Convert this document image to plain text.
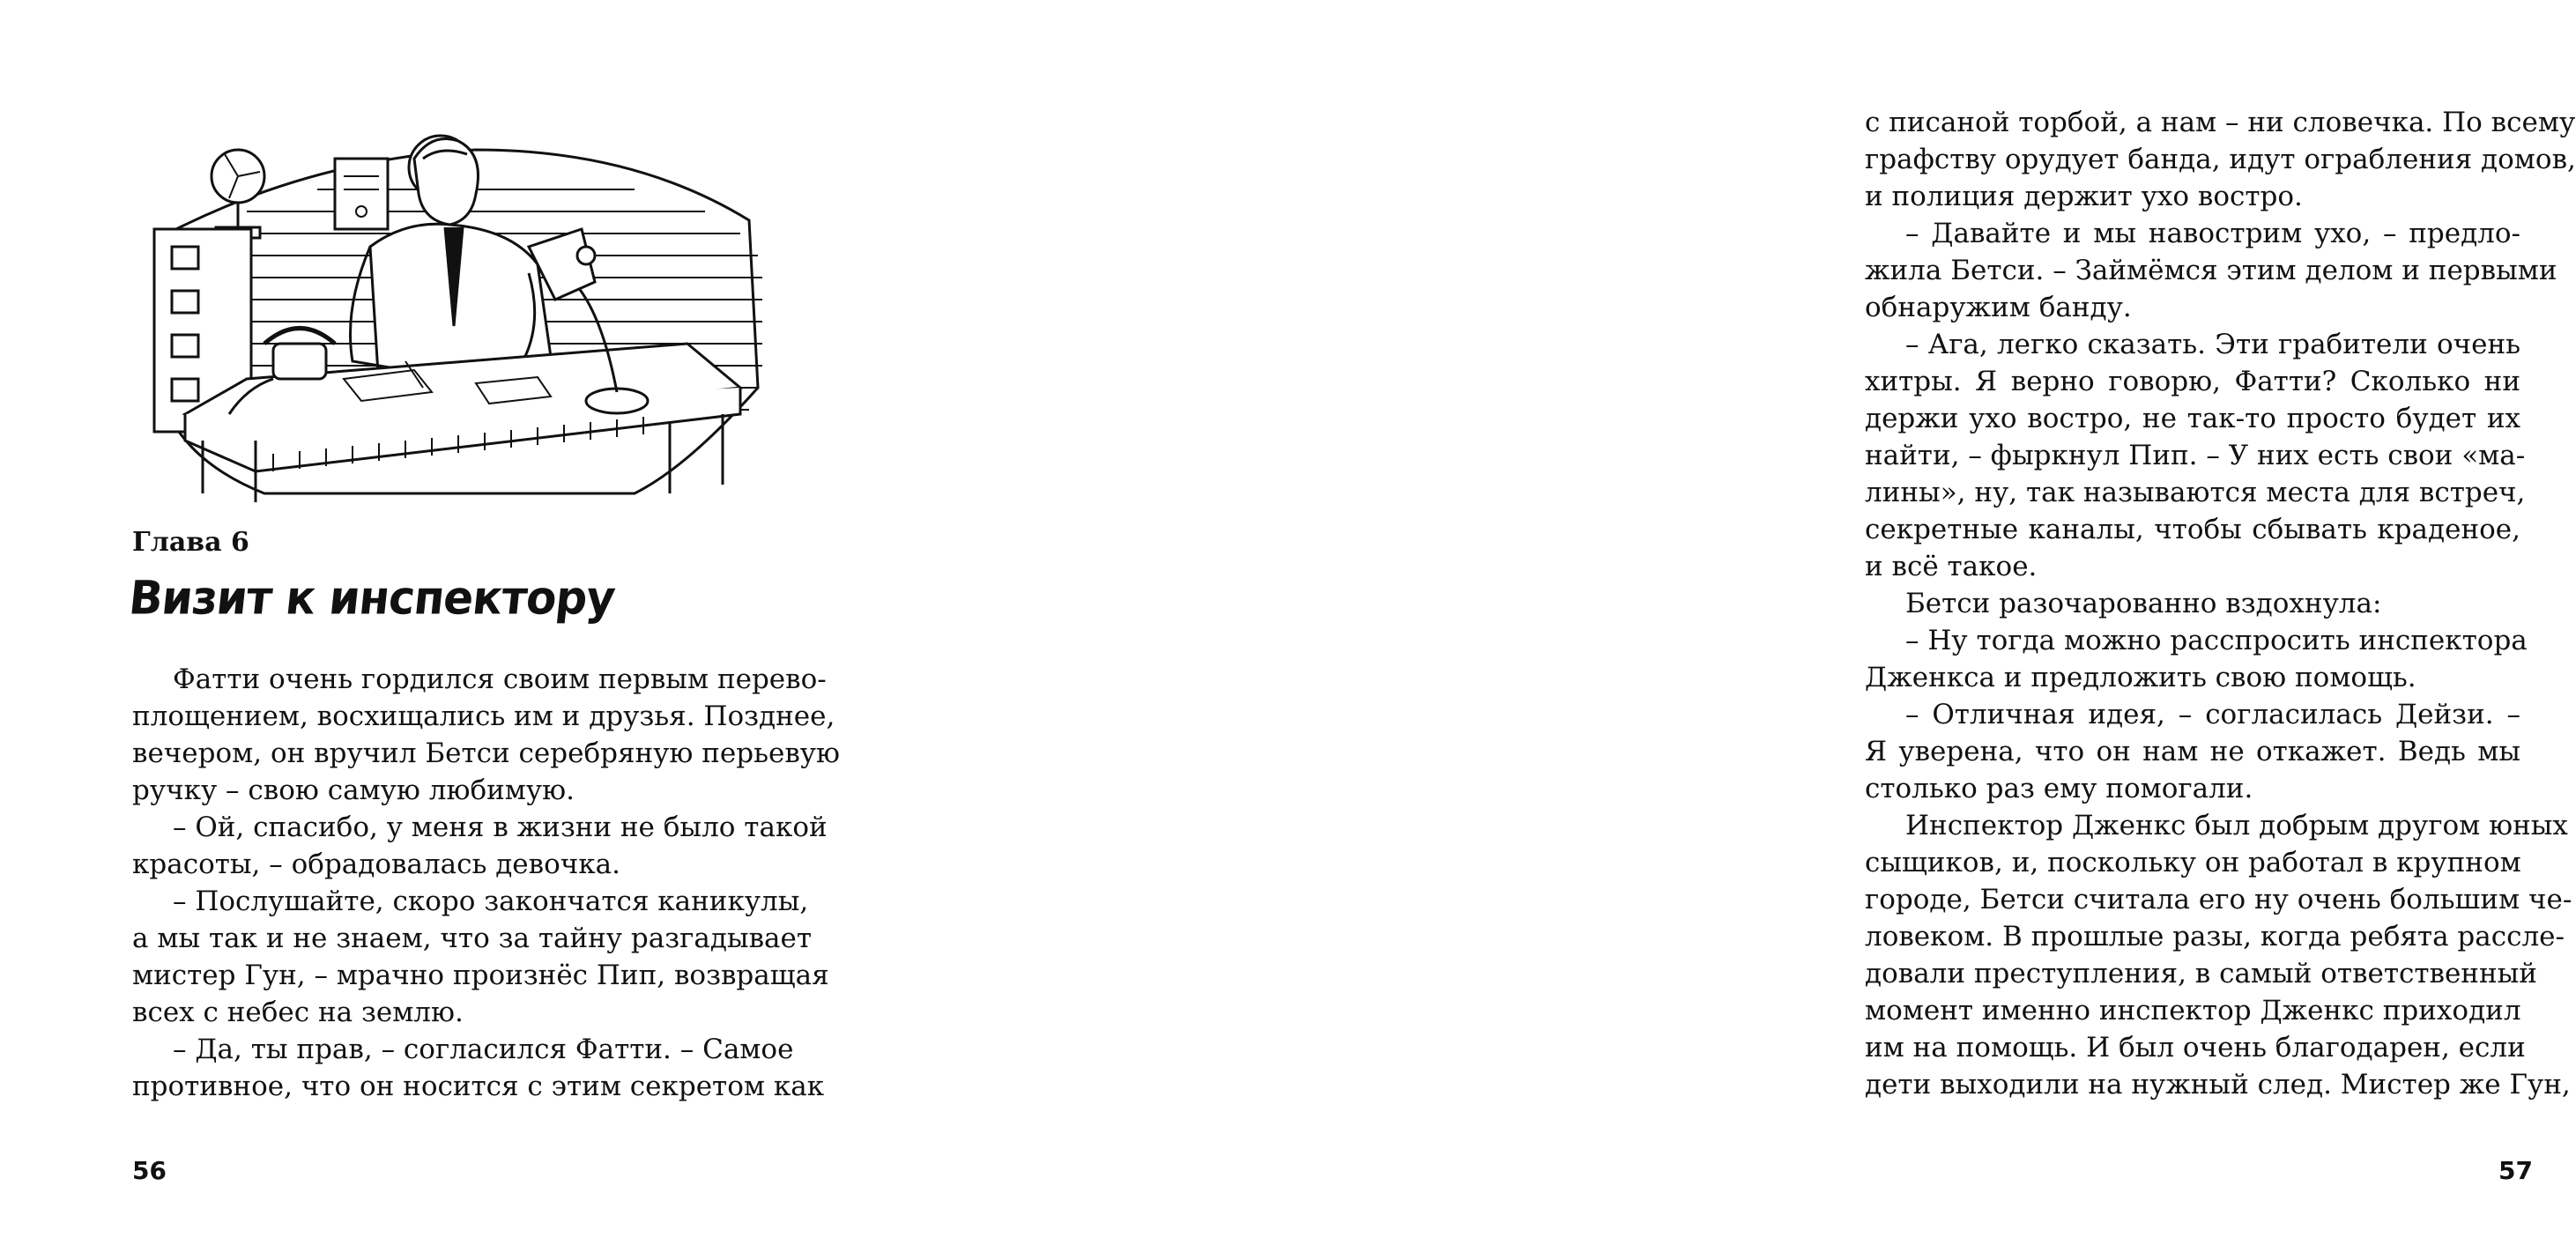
Глава 6
Визит к инспектору
Фатти очень гордился своим первым перево-
площением, восхищались им и друзья. Позднее,
вечером, он вручил Бетси серебряную перьевую
ручку – свою самую любимую.
– Ой, спасибо, у меня в жизни не было такой
красоты, – обрадовалась девочка.
– Послушайте, скоро закончатся каникулы,
а мы так и не знаем, что за тайну разгадывает
мистер Гун, – мрачно произнёс Пип, возвращая
всех с небес на землю.
– Да, ты прав, – согласился Фатти. – Самое
противное, что он носится с этим секретом как
56
с писаной торбой, а нам – ни словечка. По всему
графству орудует банда, идут ограбления домов,
и полиция держит ухо востро.
– Давайте и мы навострим ухо, – предло-
жила Бетси. – Займёмся этим делом и первыми
обнаружим банду.
– Ага, легко сказать. Эти грабители очень
хитры. Я верно говорю, Фатти? Сколько ни
держи ухо востро, не так-то просто будет их
найти, – фыркнул Пип. – У них есть свои «ма-
лины», ну, так называются места для встреч,
секретные каналы, чтобы сбывать краденое,
и всё такое.
Бетси разочарованно вздохнула:
– Ну тогда можно расспросить инспектора
Дженкса и предложить свою помощь.
– Отличная идея, – согласилась Дейзи. –
Я уверена, что он нам не откажет. Ведь мы
столько раз ему помогали.
Инспектор Дженкс был добрым другом юных
сыщиков, и, поскольку он работал в крупном
городе, Бетси считала его ну очень большим че-
ловеком. В прошлые разы, когда ребята рассле-
довали преступления, в самый ответственный
момент именно инспектор Дженкс приходил
им на помощь. И был очень благодарен, если
дети выходили на нужный след. Мистер же Гун,
57
